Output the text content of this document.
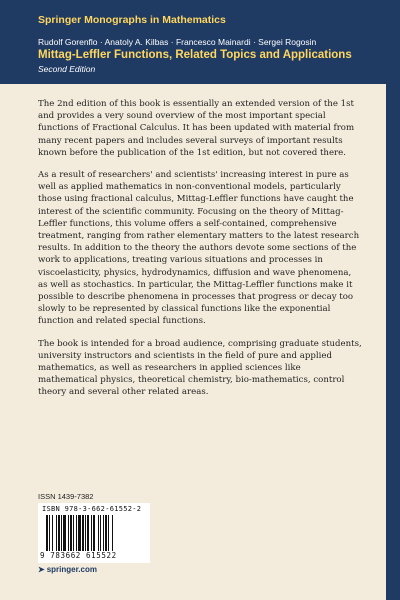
Springer Monographs in Mathematics
Rudolf Gorenflo · Anatoly A. Kilbas · Francesco Mainardi · Sergei Rogosin
Mittag-Leffler Functions, Related Topics and Applications
Second Edition

The 2nd edition of this book is essentially an extended version of the 1st and provides a very sound overview of the most important special functions of Fractional Calculus. It has been updated with material from many recent papers and includes several surveys of important results known before the publication of the 1st edition, but not covered there.

As a result of researchers' and scientists' increasing interest in pure as well as applied mathematics in non-conventional models, particularly those using fractional calculus, Mittag-Leffler functions have caught the interest of the scientific community. Focusing on the theory of Mittag-Leffler functions, this volume offers a self-contained, comprehensive treatment, ranging from rather elementary matters to the latest research results. In addition to the theory the authors devote some sections of the work to applications, treating various situations and processes in viscoelasticity, physics, hydrodynamics, diffusion and wave phenomena, as well as stochastics. In particular, the Mittag-Leffler functions make it possible to describe phenomena in processes that progress or decay too slowly to be represented by classical functions like the exponential function and related special functions.

The book is intended for a broad audience, comprising graduate students, university instructors and scientists in the field of pure and applied mathematics, as well as researchers in applied sciences like mathematical physics, theoretical chemistry, bio-mathematics, control theory and several other related areas.

ISSN 1439-7382
ISBN 978-3-662-61552-2
9 783662 615522
➤ springer.com
